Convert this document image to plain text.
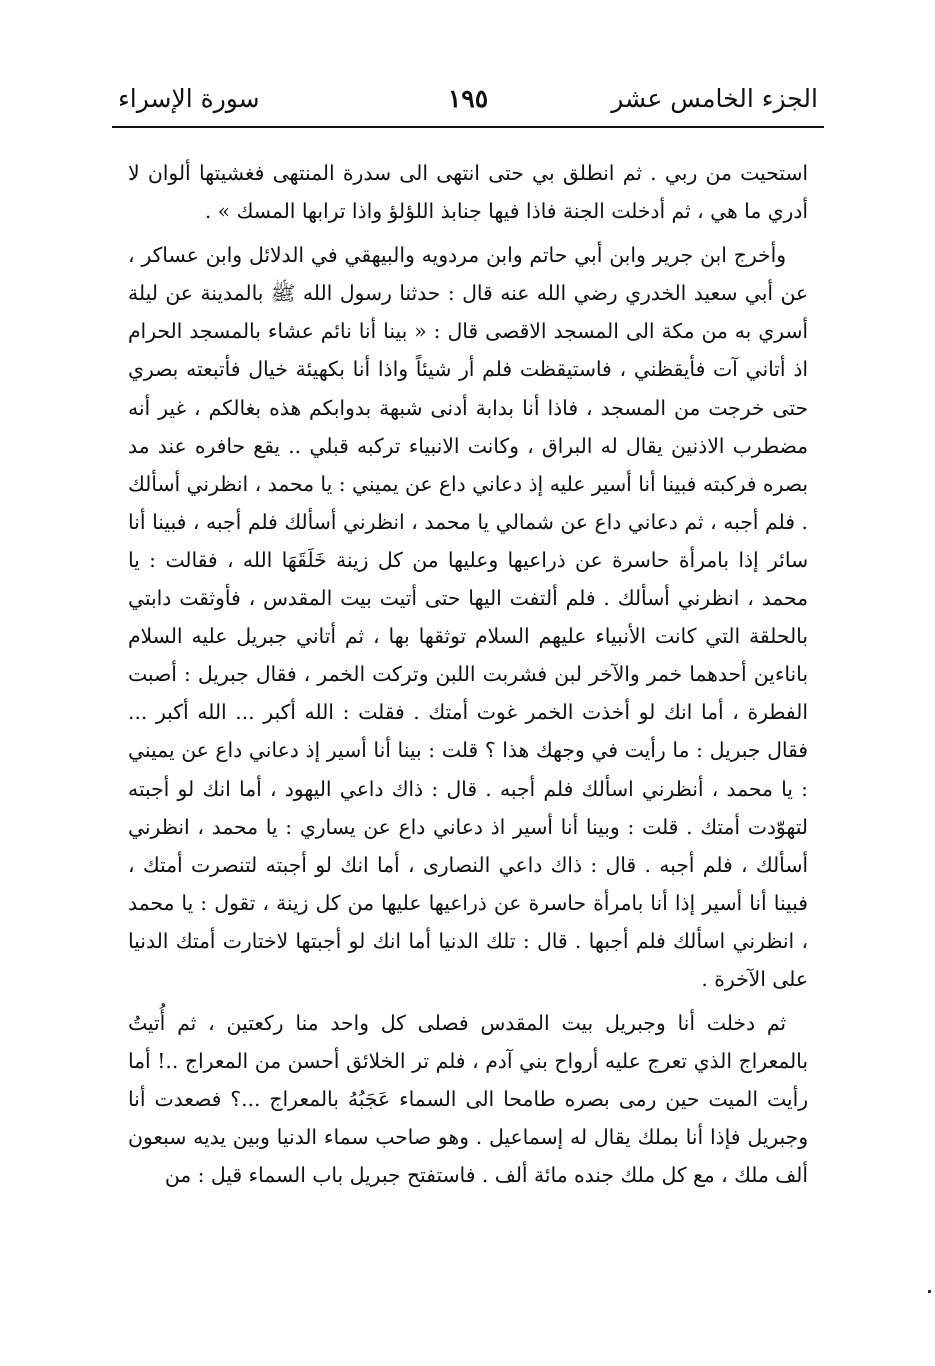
الجزء الخامس عشر
١٩٥
سورة الإسراء

استحيت من ربي . ثم انطلق بي حتى انتهى الى سدرة المنتهى فغشيتها ألوان لا أدري ما هي ، ثم أدخلت الجنة فاذا فيها جنابذ اللؤلؤ واذا ترابها المسك » .

وأخرج ابن جرير وابن أبي حاتم وابن مردويه والبيهقي في الدلائل وابن عساكر ، عن أبي سعيد الخدري رضي الله عنه قال : حدثنا رسول الله ﷺ بالمدينة عن ليلة أسري به من مكة الى المسجد الاقصى قال : « بينا أنا نائم عشاء بالمسجد الحرام اذ أتاني آت فأيقظني ، فاستيقظت فلم أر شيئاً واذا أنا بكهيئة خيال فأتبعته بصري حتى خرجت من المسجد ، فاذا أنا بدابة أدنى شبهة بدوابكم هذه بغالكم ، غير أنه مضطرب الاذنين يقال له البراق ، وكانت الانبياء تركبه قبلي .. يقع حافره عند مد بصره فركبته فبينا أنا أسير عليه إذ دعاني داع عن يميني : يا محمد ، انظرني أسألك . فلم أجبه ، ثم دعاني داع عن شمالي يا محمد ، انظرني أسألك فلم أجبه ، فبينا أنا سائر إذا بامرأة حاسرة عن ذراعيها وعليها من كل زينة خَلَقَهَا الله ، فقالت : يا محمد ، انظرني أسألك . فلم ألتفت اليها حتى أتيت بيت المقدس ، فأوثقت دابتي بالحلقة التي كانت الأنبياء عليهم السلام توثقها بها ، ثم أتاني جبريل عليه السلام باناءين أحدهما خمر والآخر لبن فشربت اللبن وتركت الخمر ، فقال جبريل : أصبت الفطرة ، أما انك لو أخذت الخمر غوت أمتك . فقلت : الله أكبر ... الله أكبر ... فقال جبريل : ما رأيت في وجهك هذا ؟ قلت : بينا أنا أسير إذ دعاني داع عن يميني : يا محمد ، أنظرني اسألك فلم أجبه . قال : ذاك داعي اليهود ، أما انك لو أجبته لتهوّدت أمتك . قلت : وبينا أنا أسير اذ دعاني داع عن يساري : يا محمد ، انظرني أسألك ، فلم أجبه . قال : ذاك داعي النصارى ، أما انك لو أجبته لتنصرت أمتك ، فبينا أنا أسير إذا أنا بامرأة حاسرة عن ذراعيها عليها من كل زينة ، تقول : يا محمد ، انظرني اسألك فلم أجبها . قال : تلك الدنيا أما انك لو أجبتها لاختارت أمتك الدنيا على الآخرة .

ثم دخلت أنا وجبريل بيت المقدس فصلى كل واحد منا ركعتين ، ثم أُتيتُ بالمعراج الذي تعرج عليه أرواح بني آدم ، فلم تر الخلائق أحسن من المعراج ..! أما رأيت الميت حين رمى بصره طامحا الى السماء عَجَبُهُ بالمعراج ...؟ فصعدت أنا وجبريل فإذا أنا بملك يقال له إسماعيل . وهو صاحب سماء الدنيا وبين يديه سبعون ألف ملك ، مع كل ملك جنده مائة ألف . فاستفتح جبريل باب السماء قيل : من
